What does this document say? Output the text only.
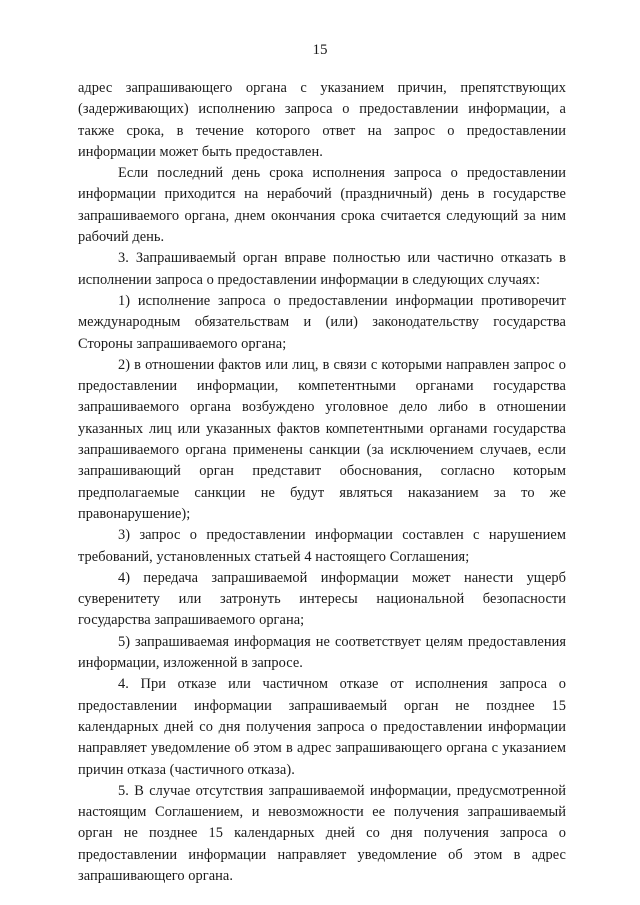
15

адрес запрашивающего органа с указанием причин, препятствующих (задерживающих) исполнению запроса о предоставлении информации, а также срока, в течение которого ответ на запрос о предоставлении информации может быть предоставлен.

Если последний день срока исполнения запроса о предоставлении информации приходится на нерабочий (праздничный) день в государстве запрашиваемого органа, днем окончания срока считается следующий за ним рабочий день.

3. Запрашиваемый орган вправе полностью или частично отказать в исполнении запроса о предоставлении информации в следующих случаях:

1) исполнение запроса о предоставлении информации противоречит международным обязательствам и (или) законодательству государства Стороны запрашиваемого органа;

2) в отношении фактов или лиц, в связи с которыми направлен запрос о предоставлении информации, компетентными органами государства запрашиваемого органа возбуждено уголовное дело либо в отношении указанных лиц или указанных фактов компетентными органами государства запрашиваемого органа применены санкции (за исключением случаев, если запрашивающий орган представит обоснования, согласно которым предполагаемые санкции не будут являться наказанием за то же правонарушение);

3) запрос о предоставлении информации составлен с нарушением требований, установленных статьей 4 настоящего Соглашения;

4) передача запрашиваемой информации может нанести ущерб суверенитету или затронуть интересы национальной безопасности государства запрашиваемого органа;

5) запрашиваемая информация не соответствует целям предоставления информации, изложенной в запросе.

4. При отказе или частичном отказе от исполнения запроса о предоставлении информации запрашиваемый орган не позднее 15 календарных дней со дня получения запроса о предоставлении информации направляет уведомление об этом в адрес запрашивающего органа с указанием причин отказа (частичного отказа).

5. В случае отсутствия запрашиваемой информации, предусмотренной настоящим Соглашением, и невозможности ее получения запрашиваемый орган не позднее 15 календарных дней со дня получения запроса о предоставлении информации направляет уведомление об этом в адрес запрашивающего органа.
